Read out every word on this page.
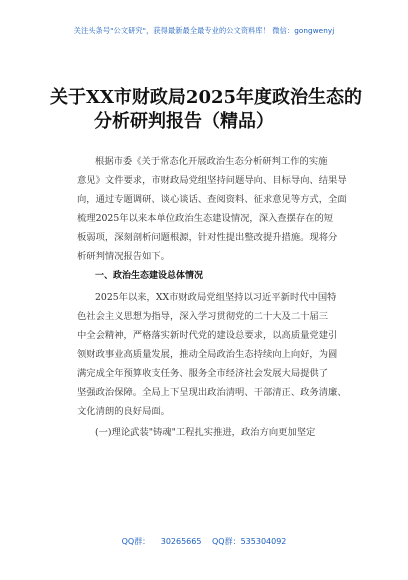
关注头条号"公文研究"，获得最新最全最专业的公文资料库！ 微信：gongwenyj
关于XX市财政局2025年度政治生态的
分析研判报告（精品）
根据市委《关于常态化开展政治生态分析研判工作的实施
意见》文件要求，市财政局党组坚持问题导向、目标导向、结果导
向，通过专题调研、谈心谈话、查阅资料、征求意见等方式，全面
梳理2025年以来本单位政治生态建设情况，深入查摆存在的短
板弱项，深刻剖析问题根源，针对性提出整改提升措施。现将分
析研判情况报告如下。
一、政治生态建设总体情况
2025年以来，XX市财政局党组坚持以习近平新时代中国特
色社会主义思想为指导，深入学习贯彻党的二十大及二十届三
中全会精神，严格落实新时代党的建设总要求，以高质量党建引
领财政事业高质量发展，推动全局政治生态持续向上向好，为圆
满完成全年预算收支任务、服务全市经济社会发展大局提供了
坚强政治保障。全局上下呈现出政治清明、干部清正、政务清廉、
文化清朗的良好局面。
(一)理论武装"铸魂"工程扎实推进，政治方向更加坚定
QQ群： 30265665 QQ群：535304092
